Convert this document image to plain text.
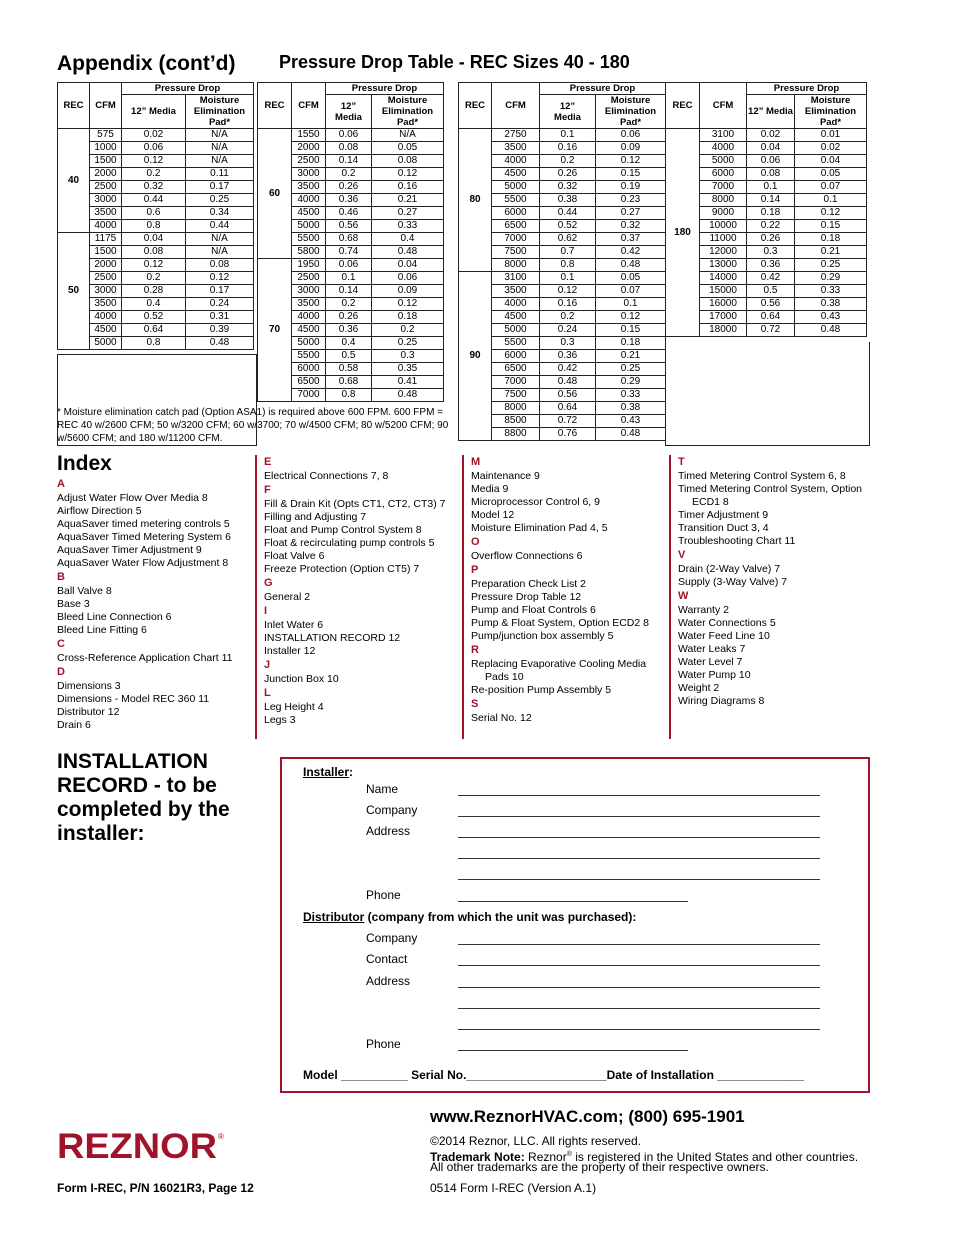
Appendix (cont’d) Pressure Drop Table - REC Sizes 40 - 180
REC	CFM	Pressure Drop	
		12” Media	Moisture
Elimination
Pad*
40	575	0.02	N/A
	1000	0.06	N/A
	1500	0.12	N/A
	2000	0.2	0.11
	2500	0.32	0.17
	3000	0.44	0.25
	3500	0.6	0.34
	4000	0.8	0.44
50	1175	0.04	N/A
	1500	0.08	N/A
	2000	0.12	0.08
	2500	0.2	0.12
	3000	0.28	0.17
	3500	0.4	0.24
	4000	0.52	0.31
	4500	0.64	0.39
	5000	0.8	0.48
REC	CFM	Pressure Drop	
		12”
Media	Moisture
Elimination
Pad*
60	1550	0.06	N/A
	2000	0.08	0.05
	2500	0.14	0.08
	3000	0.2	0.12
	3500	0.26	0.16
	4000	0.36	0.21
	4500	0.46	0.27
	5000	0.56	0.33
	5500	0.68	0.4
	5800	0.74	0.48
70	1950	0.06	0.04
	2500	0.1	0.06
	3000	0.14	0.09
	3500	0.2	0.12
	4000	0.26	0.18
	4500	0.36	0.2
	5000	0.4	0.25
	5500	0.5	0.3
	6000	0.58	0.35
	6500	0.68	0.41
	7000	0.8	0.48
REC	CFM	Pressure Drop	
		12”
Media	Moisture
Elimination
Pad*
80	2750	0.1	0.06
	3500	0.16	0.09
	4000	0.2	0.12
	4500	0.26	0.15
	5000	0.32	0.19
	5500	0.38	0.23
	6000	0.44	0.27
	6500	0.52	0.32
	7000	0.62	0.37
	7500	0.7	0.42
	8000	0.8	0.48
90	3100	0.1	0.05
	3500	0.12	0.07
	4000	0.16	0.1
	4500	0.2	0.12
	5000	0.24	0.15
	5500	0.3	0.18
	6000	0.36	0.21
	6500	0.42	0.25
	7000	0.48	0.29
	7500	0.56	0.33
	8000	0.64	0.38
	8500	0.72	0.43
	8800	0.76	0.48
REC	CFM	Pressure Drop	
		12” Media	Moisture
Elimination
Pad*
180	3100	0.02	0.01
	4000	0.04	0.02
	5000	0.06	0.04
	6000	0.08	0.05
	7000	0.1	0.07
	8000	0.14	0.1
	9000	0.18	0.12
	10000	0.22	0.15
	11000	0.26	0.18
	12000	0.3	0.21
	13000	0.36	0.25
	14000	0.42	0.29
	15000	0.5	0.33
	16000	0.56	0.38
	17000	0.64	0.43
	18000	0.72	0.48
* Moisture elimination catch pad (Option ASA1) is required above 600 FPM. 600 FPM = REC 40 w/2600 CFM; 50 w/3200 CFM; 60 w/3700; 70 w/4500 CFM; 80 w/5200 CFM; 90 w/5600 CFM; and 180 w/11200 CFM.
Index
A
Adjust Water Flow Over Media 8
Airflow Direction 5
AquaSaver timed metering controls 5
AquaSaver Timed Metering System 6
AquaSaver Timer Adjustment 9
AquaSaver Water Flow Adjustment 8
B
Ball Valve 8
Base 3
Bleed Line Connection 6
Bleed Line Fitting 6
C
Cross-Reference Application Chart 11
D
Dimensions 3
Dimensions - Model REC 360 11
Distributor 12
Drain 6
E
Electrical Connections 7, 8
F
Fill & Drain Kit (Opts CT1, CT2, CT3) 7
Filling and Adjusting 7
Float and Pump Control System 8
Float & recirculating pump controls 5
Float Valve 6
Freeze Protection (Option CT5) 7
G
General 2
I
Inlet Water 6
INSTALLATION RECORD 12
Installer 12
J
Junction Box 10
L
Leg Height 4
Legs 3
M
Maintenance 9
Media 9
Microprocessor Control 6, 9
Model 12
Moisture Elimination Pad 4, 5
O
Overflow Connections 6
P
Preparation Check List 2
Pressure Drop Table 12
Pump and Float Controls 6
Pump & Float System, Option ECD2 8
Pump/junction box assembly 5
R
Replacing Evaporative Cooling Media
Pads 10
Re-position Pump Assembly 5
S
Serial No. 12
T
Timed Metering Control System 6, 8
Timed Metering Control System, Option
ECD1 8
Timer Adjustment 9
Transition Duct 3, 4
Troubleshooting Chart 11
V
Drain (2-Way Valve) 7
Supply (3-Way Valve) 7
W
Warranty 2
Water Connections 5
Water Feed Line 10
Water Leaks 7
Water Level 7
Water Pump 10
Weight 2
Wiring Diagrams 8
INSTALLATION RECORD - to be completed by the installer:
Installer:
Name
Company
Address
Phone
Distributor (company from which the unit was purchased):
Company
Contact
Address
Phone
Model __________ Serial No._____________________Date of Installation _____________
www.ReznorHVAC.com; (800) 695-1901
©2014 Reznor, LLC. All rights reserved.
Trademark Note: Reznor® is registered in the United States and other countries.
All other trademarks are the property of their respective owners.
REZNOR ®
Form I-REC, P/N 16021R3, Page 12	0514 Form I-REC (Version A.1)
